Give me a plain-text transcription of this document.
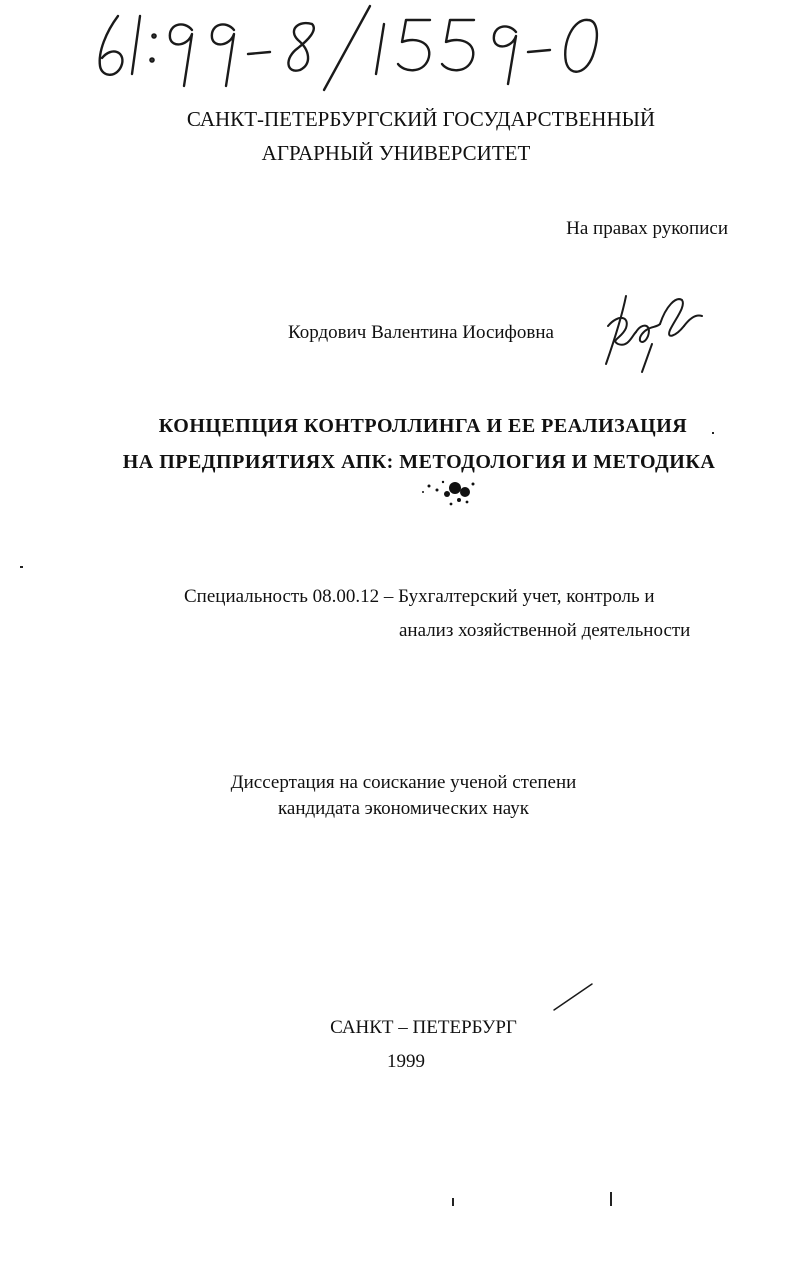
САНКТ-ПЕТЕРБУРГСКИЙ ГОСУДАРСТВЕННЫЙ
АГРАРНЫЙ УНИВЕРСИТЕТ
На правах рукописи
Кордович Валентина Иосифовна
КОНЦЕПЦИЯ КОНТРОЛЛИНГА И ЕЕ РЕАЛИЗАЦИЯ
НА ПРЕДПРИЯТИЯХ АПК: МЕТОДОЛОГИЯ И МЕТОДИКА
Специальность 08.00.12 – Бухгалтерский учет, контроль и
анализ хозяйственной деятельности
Диссертация на соискание ученой степени
кандидата экономических наук
САНКТ – ПЕТЕРБУРГ
1999
